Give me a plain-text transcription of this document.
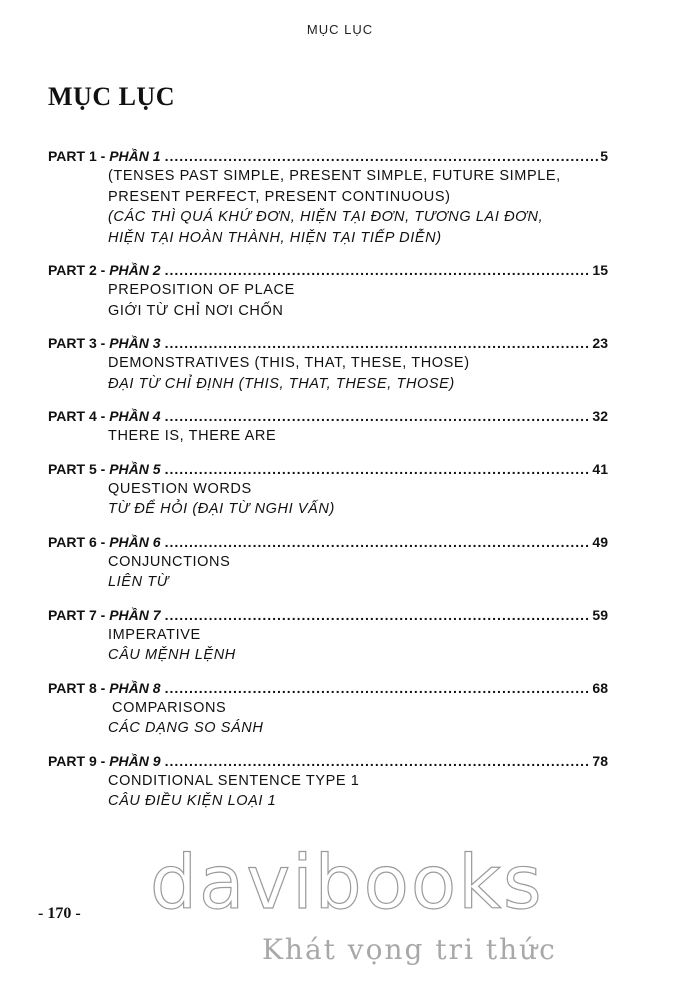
MỤC LỤC
MỤC LỤC
PART 1 - PHẦN 1 .....	5
(TENSES PAST SIMPLE, PRESENT SIMPLE, FUTURE SIMPLE,
PRESENT PERFECT, PRESENT CONTINUOUS)
(CÁC THÌ QUÁ KHỨ ĐƠN, HIỆN TẠI ĐƠN, TƯƠNG LAI ĐƠN,
HIỆN TẠI HOÀN THÀNH, HIỆN TẠI TIẾP DIỄN)
PART 2 - PHẦN 2 .....	15
PREPOSITION OF PLACE
GIỚI TỪ CHỈ NƠI CHỐN
PART 3 - PHẦN 3 .....	23
DEMONSTRATIVES (THIS, THAT, THESE, THOSE)
ĐẠI TỪ CHỈ ĐỊNH (THIS, THAT, THESE, THOSE)
PART 4 - PHẦN 4 .....	32
THERE IS, THERE ARE
PART 5 - PHẦN 5 .....	41
QUESTION WORDS
TỪ ĐỂ HỎI (ĐẠI TỪ NGHI VẤN)
PART 6 - PHẦN 6 .....	49
CONJUNCTIONS
LIÊN TỪ
PART 7 - PHẦN 7 .....	59
IMPERATIVE
CÂU MỆNH LỆNH
PART 8 - PHẦN 8 .....	68
COMPARISONS
CÁC DẠNG SO SÁNH
PART 9 - PHẦN 9 .....	78
CONDITIONAL SENTENCE TYPE 1
CÂU ĐIỀU KIỆN LOẠI 1
davibooks
Khát vọng tri thức
- 170 -
